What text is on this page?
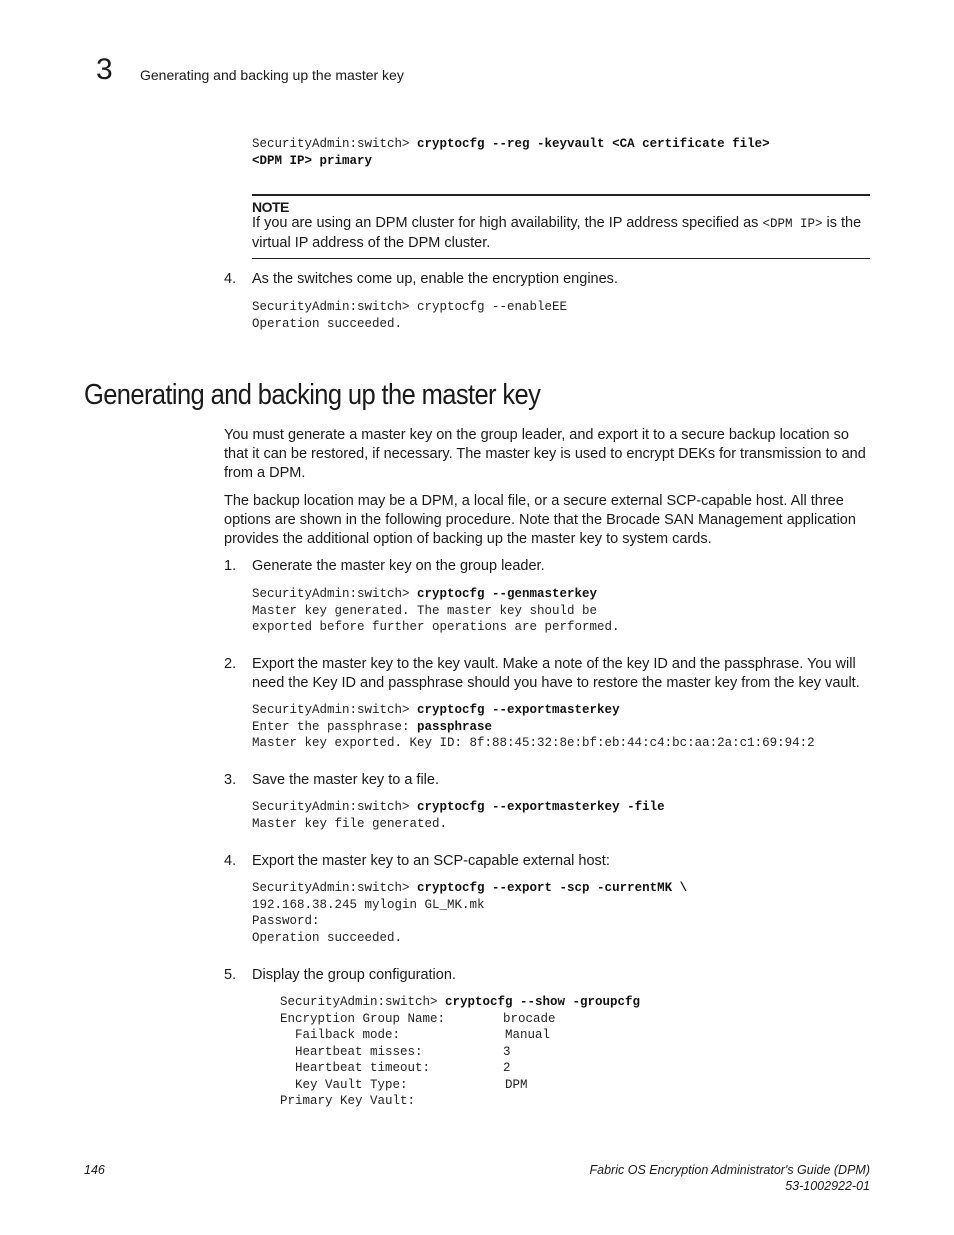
3 Generating and backing up the master key
SecurityAdmin:switch> cryptocfg --reg -keyvault <CA certificate file>
<DPM IP> primary
NOTE
If you are using an DPM cluster for high availability, the IP address specified as <DPM IP> is the
virtual IP address of the DPM cluster.
4. As the switches come up, enable the encryption engines.
SecurityAdmin:switch> cryptocfg --enableEE
Operation succeeded.
Generating and backing up the master key
You must generate a master key on the group leader, and export it to a secure backup location so that it can be restored, if necessary. The master key is used to encrypt DEKs for transmission to and from a DPM.
The backup location may be a DPM, a local file, or a secure external SCP-capable host. All three options are shown in the following procedure. Note that the Brocade SAN Management application provides the additional option of backing up the master key to system cards.
1. Generate the master key on the group leader.
SecurityAdmin:switch> cryptocfg --genmasterkey
Master key generated. The master key should be
exported before further operations are performed.
2. Export the master key to the key vault. Make a note of the key ID and the passphrase. You will need the Key ID and passphrase should you have to restore the master key from the key vault.
SecurityAdmin:switch> cryptocfg --exportmasterkey
Enter the passphrase: passphrase
Master key exported. Key ID: 8f:88:45:32:8e:bf:eb:44:c4:bc:aa:2a:c1:69:94:2
3. Save the master key to a file.
SecurityAdmin:switch> cryptocfg --exportmasterkey -file
Master key file generated.
4. Export the master key to an SCP-capable external host:
SecurityAdmin:switch> cryptocfg --export -scp -currentMK \
192.168.38.245 mylogin GL_MK.mk
Password:
Operation succeeded.
5. Display the group configuration.
SecurityAdmin:switch> cryptocfg --show -groupcfg
Encryption Group Name:	brocade
Failback mode:	Manual
Heartbeat misses:	3
Heartbeat timeout:	2
Key Vault Type:	DPM
Primary Key Vault:
146	Fabric OS Encryption Administrator's Guide (DPM)
53-1002922-01
